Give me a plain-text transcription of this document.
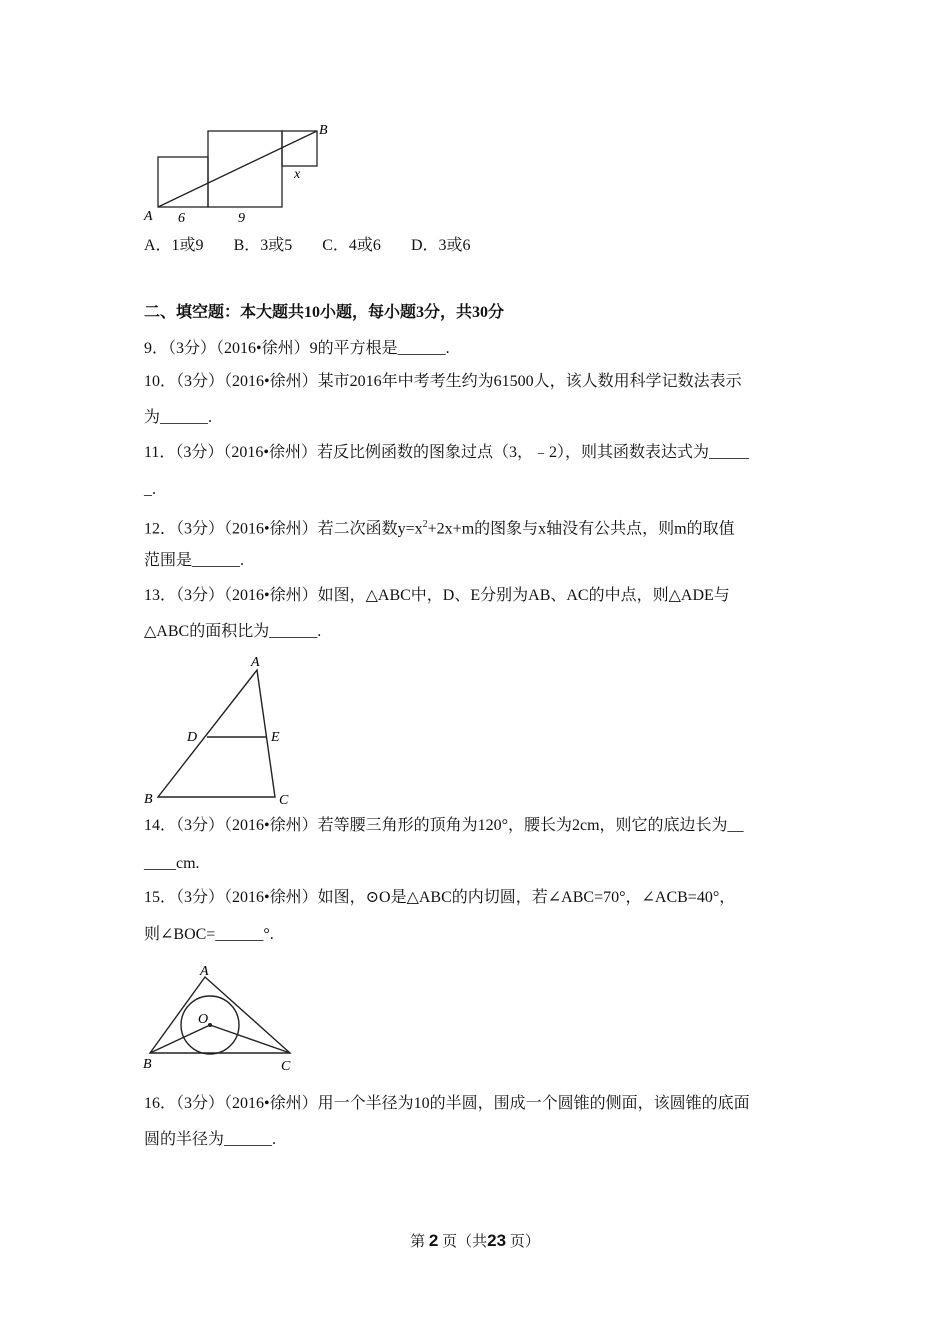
A
B
x
6	9
A．1或9 B．3或5 C．4或6 D．3或6
二、填空题：本大题共10小题，每小题3分，共30分
9．（3分）（2016•徐州）9的平方根是______.
10．（3分）（2016•徐州）某市2016年中考考生约为61500人，该人数用科学记数法表示
为______.
11．（3分）（2016•徐州）若反比例函数的图象过点（3，﹣2），则其函数表达式为_____
_.
12．（3分）（2016•徐州）若二次函数$y=x^2+2x+m$的图象与x轴没有公共点，则m的取值
范围是______.
13．（3分）（2016•徐州）如图，△ABC中，D、E分别为AB、AC的中点，则△ADE与
△ABC的面积比为______.
A
B	C
D	E
14．（3分）（2016•徐州）若等腰三角形的顶角为120°，腰长为2cm，则它的底边长为__
____cm.
15．（3分）（2016•徐州）如图，⊙O是△ABC的内切圆，若∠ABC=70°，∠ACB=40°，
则∠BOC=______°.
A
B	C
O
16．（3分）（2016•徐州）用一个半径为10的半圆，围成一个圆锥的侧面，该圆锥的底面
圆的半径为______.
第 2 页（共23 页）
